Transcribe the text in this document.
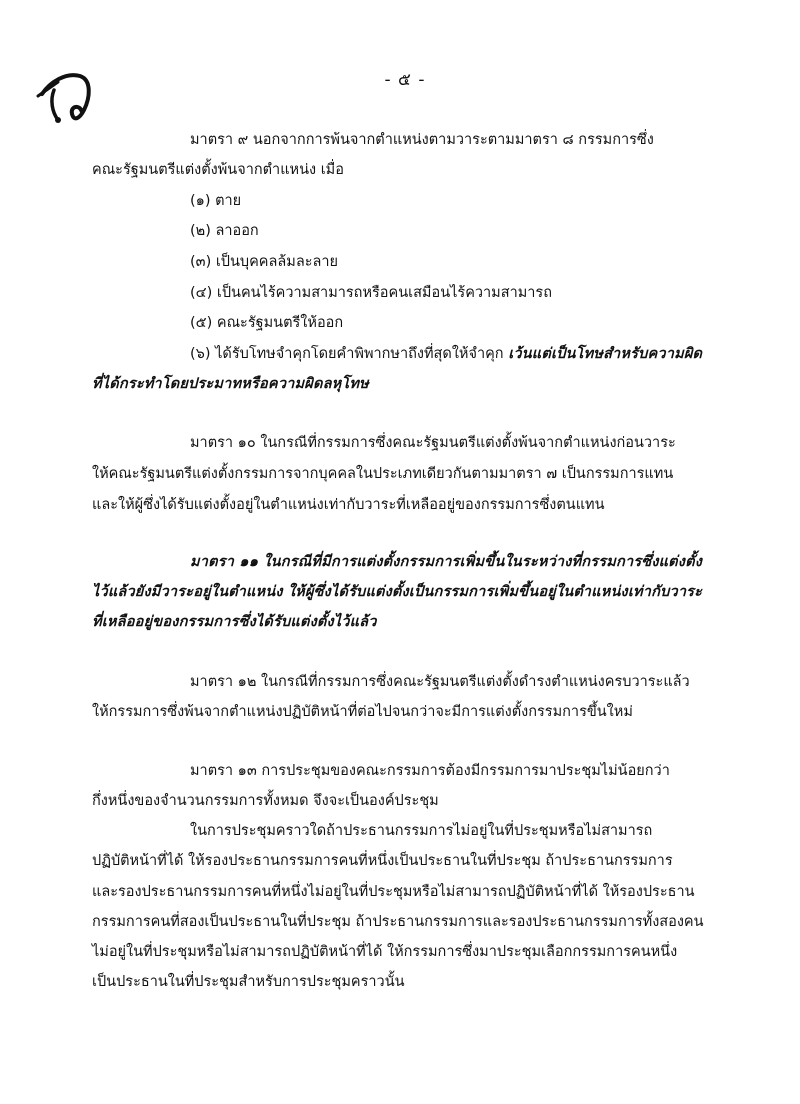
- ๕ -
มาตรา ๙ นอกจากการพ้นจากตำแหน่งตามวาระตามมาตรา ๘ กรรมการซึ่ง
คณะรัฐมนตรีแต่งตั้งพ้นจากตำแหน่ง เมื่อ
(๑) ตาย
(๒) ลาออก
(๓) เป็นบุคคลล้มละลาย
(๔) เป็นคนไร้ความสามารถหรือคนเสมือนไร้ความสามารถ
(๕) คณะรัฐมนตรีให้ออก
(๖) ได้รับโทษจำคุกโดยคำพิพากษาถึงที่สุดให้จำคุก เว้นแต่เป็นโทษสำหรับความผิด
ที่ได้กระทำโดยประมาทหรือความผิดลหุโทษ
มาตรา ๑๐ ในกรณีที่กรรมการซึ่งคณะรัฐมนตรีแต่งตั้งพ้นจากตำแหน่งก่อนวาระ
ให้คณะรัฐมนตรีแต่งตั้งกรรมการจากบุคคลในประเภทเดียวกันตามมาตรา ๗ เป็นกรรมการแทน
และให้ผู้ซึ่งได้รับแต่งตั้งอยู่ในตำแหน่งเท่ากับวาระที่เหลืออยู่ของกรรมการซึ่งตนแทน
มาตรา ๑๑ ในกรณีที่มีการแต่งตั้งกรรมการเพิ่มขึ้นในระหว่างที่กรรมการซึ่งแต่งตั้ง
ไว้แล้วยังมีวาระอยู่ในตำแหน่ง ให้ผู้ซึ่งได้รับแต่งตั้งเป็นกรรมการเพิ่มขึ้นอยู่ในตำแหน่งเท่ากับวาระ
ที่เหลืออยู่ของกรรมการซึ่งได้รับแต่งตั้งไว้แล้ว
มาตรา ๑๒ ในกรณีที่กรรมการซึ่งคณะรัฐมนตรีแต่งตั้งดำรงตำแหน่งครบวาระแล้ว
ให้กรรมการซึ่งพ้นจากตำแหน่งปฏิบัติหน้าที่ต่อไปจนกว่าจะมีการแต่งตั้งกรรมการขึ้นใหม่
มาตรา ๑๓ การประชุมของคณะกรรมการต้องมีกรรมการมาประชุมไม่น้อยกว่า
กึ่งหนึ่งของจำนวนกรรมการทั้งหมด จึงจะเป็นองค์ประชุม
ในการประชุมคราวใดถ้าประธานกรรมการไม่อยู่ในที่ประชุมหรือไม่สามารถ
ปฏิบัติหน้าที่ได้ ให้รองประธานกรรมการคนที่หนึ่งเป็นประธานในที่ประชุม ถ้าประธานกรรมการ
และรองประธานกรรมการคนที่หนึ่งไม่อยู่ในที่ประชุมหรือไม่สามารถปฏิบัติหน้าที่ได้ ให้รองประธาน
กรรมการคนที่สองเป็นประธานในที่ประชุม ถ้าประธานกรรมการและรองประธานกรรมการทั้งสองคน
ไม่อยู่ในที่ประชุมหรือไม่สามารถปฏิบัติหน้าที่ได้ ให้กรรมการซึ่งมาประชุมเลือกกรรมการคนหนึ่ง
เป็นประธานในที่ประชุมสำหรับการประชุมคราวนั้น
